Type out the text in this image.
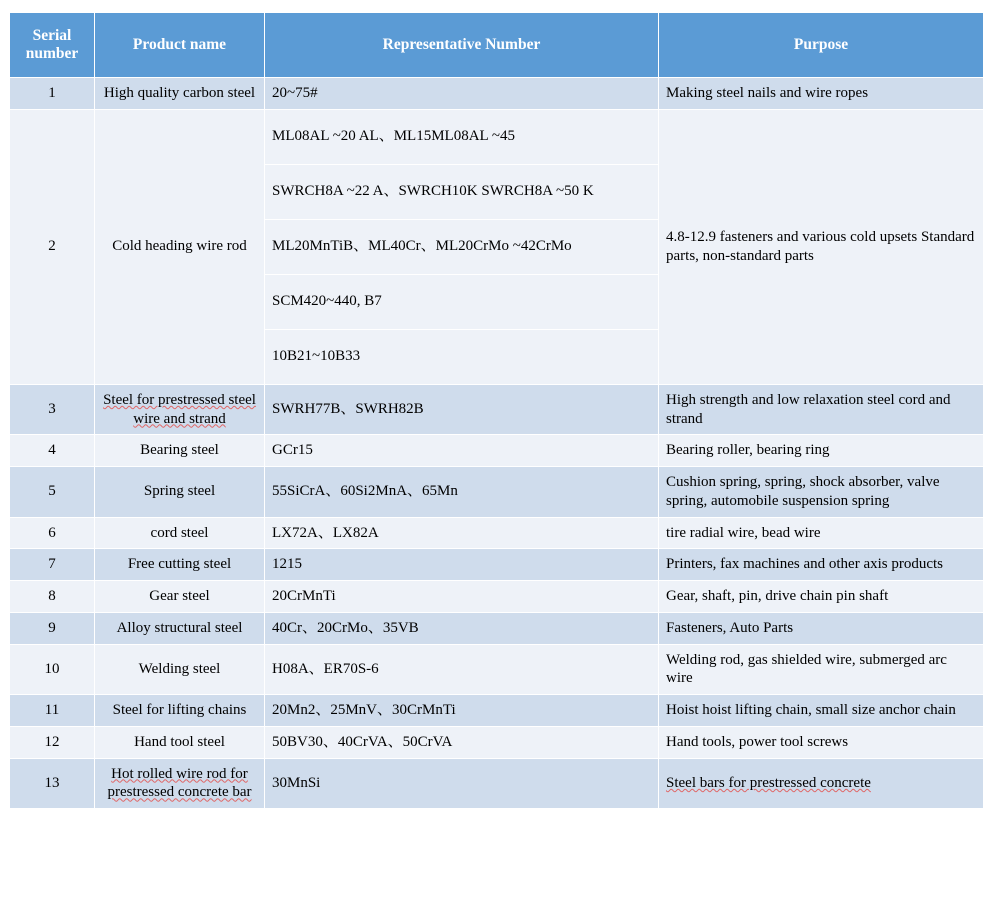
Serial number	Product name	Representative Number	Purpose
1	High quality carbon steel	20~75#	Making steel nails and wire ropes
2	Cold heading wire rod	ML08AL ~20 AL、ML15ML08AL ~45	4.8-12.9 fasteners and various cold upsets Standard parts, non-standard parts
		SWRCH8A ~22 A、SWRCH10K SWRCH8A ~50 K	
		ML20MnTiB、ML40Cr、ML20CrMo ~42CrMo	
		SCM420~440, B7	
		10B21~10B33	
3	Steel for prestressed steel wire and strand	SWRH77B、SWRH82B	High strength and low relaxation steel cord and strand
4	Bearing steel	GCr15	Bearing roller, bearing ring
5	Spring steel	55SiCrA、60Si2MnA、65Mn	Cushion spring, spring, shock absorber, valve spring, automobile suspension spring
6	cord steel	LX72A、LX82A	tire radial wire, bead wire
7	Free cutting steel	1215	Printers, fax machines and other axis products
8	Gear steel	20CrMnTi	Gear, shaft, pin, drive chain pin shaft
9	Alloy structural steel	40Cr、20CrMo、35VB	Fasteners, Auto Parts
10	Welding steel	H08A、ER70S-6	Welding rod, gas shielded wire, submerged arc wire
11	Steel for lifting chains	20Mn2、25MnV、30CrMnTi	Hoist hoist lifting chain, small size anchor chain
12	Hand tool steel	50BV30、40CrVA、50CrVA	Hand tools, power tool screws
13	Hot rolled wire rod for prestressed concrete bar	30MnSi	Steel bars for prestressed concrete
